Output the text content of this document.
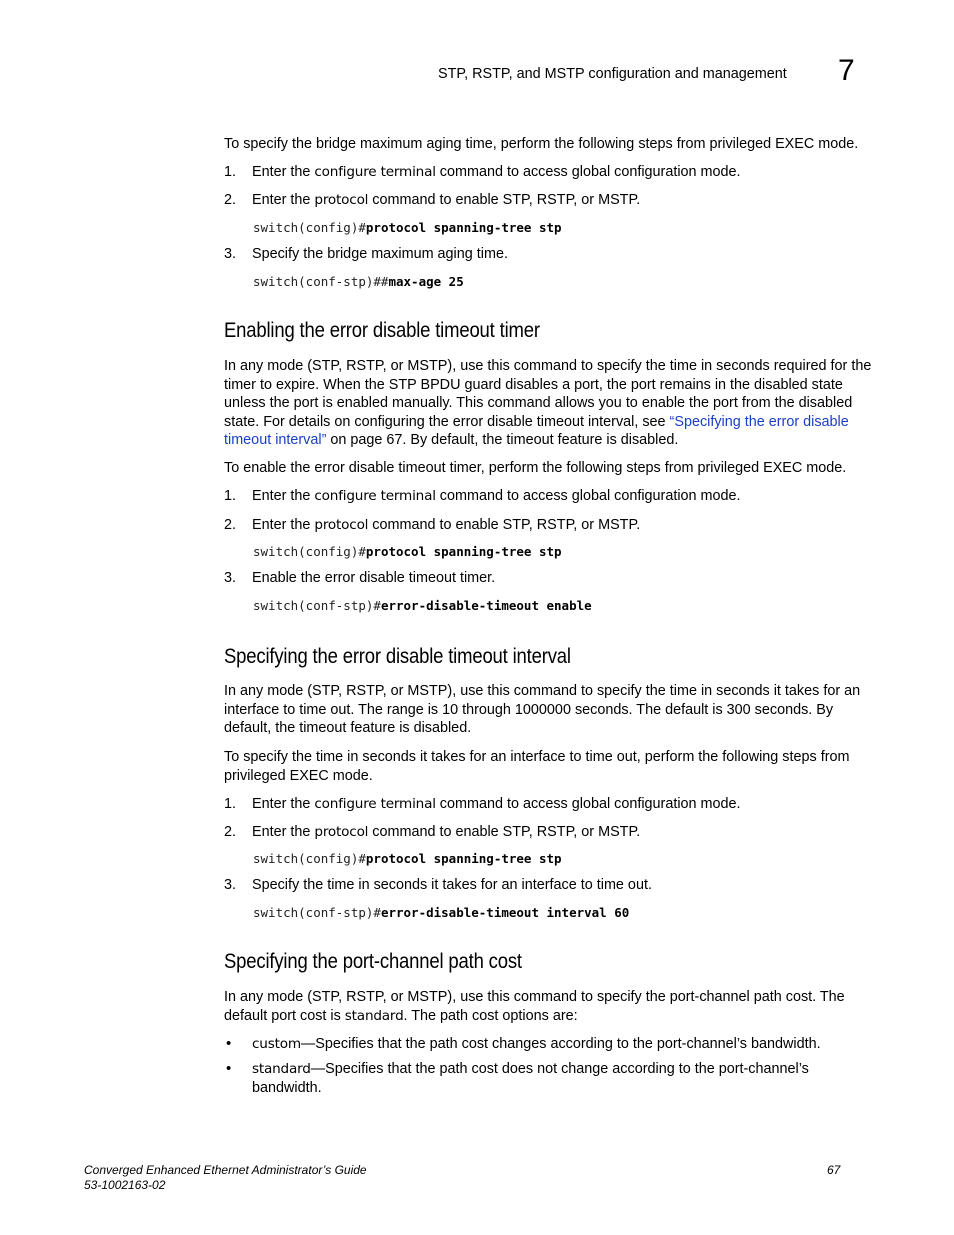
STP, RSTP, and MSTP configuration and management 7

To specify the bridge maximum aging time, perform the following steps from privileged EXEC mode.

1. Enter the configure terminal command to access global configuration mode.
2. Enter the protocol command to enable STP, RSTP, or MSTP.
switch(config)#protocol spanning-tree stp
3. Specify the bridge maximum aging time.
switch(conf-stp)##max-age 25
Enabling the error disable timeout timer

In any mode (STP, RSTP, or MSTP), use this command to specify the time in seconds required for the timer to expire. When the STP BPDU guard disables a port, the port remains in the disabled state unless the port is enabled manually. This command allows you to enable the port from the disabled state. For details on configuring the error disable timeout interval, see “Specifying the error disable timeout interval” on page 67. By default, the timeout feature is disabled.

To enable the error disable timeout timer, perform the following steps from privileged EXEC mode.

1. Enter the configure terminal command to access global configuration mode.
2. Enter the protocol command to enable STP, RSTP, or MSTP.
switch(config)#protocol spanning-tree stp
3. Enable the error disable timeout timer.
switch(conf-stp)#error-disable-timeout enable
Specifying the error disable timeout interval

In any mode (STP, RSTP, or MSTP), use this command to specify the time in seconds it takes for an interface to time out. The range is 10 through 1000000 seconds. The default is 300 seconds. By default, the timeout feature is disabled.

To specify the time in seconds it takes for an interface to time out, perform the following steps from privileged EXEC mode.

1. Enter the configure terminal command to access global configuration mode.
2. Enter the protocol command to enable STP, RSTP, or MSTP.
switch(config)#protocol spanning-tree stp
3. Specify the time in seconds it takes for an interface to time out.
switch(conf-stp)#error-disable-timeout interval 60
Specifying the port-channel path cost

In any mode (STP, RSTP, or MSTP), use this command to specify the port-channel path cost. The default port cost is standard. The path cost options are:

• custom—Specifies that the path cost changes according to the port-channel’s bandwidth.
• standard—Specifies that the path cost does not change according to the port-channel’s bandwidth.
Converged Enhanced Ethernet Administrator’s Guide
53-1002163-02
67
